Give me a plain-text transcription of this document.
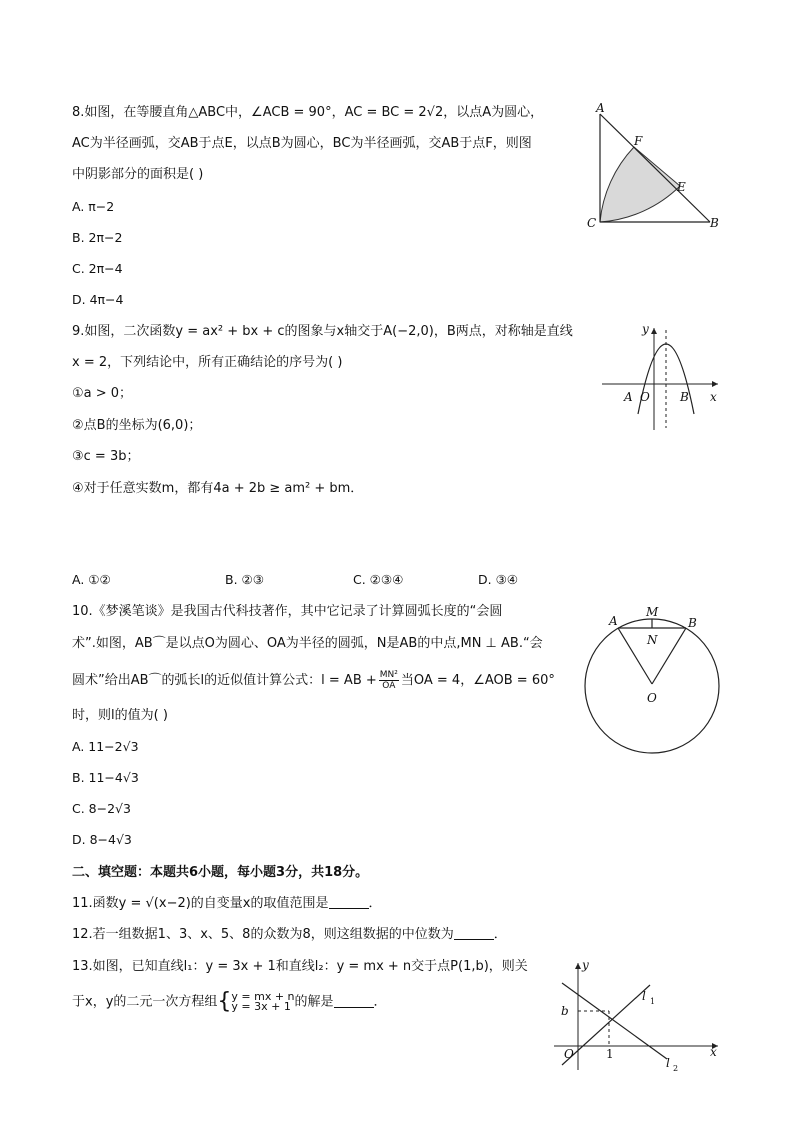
8.如图，在等腰直角△ABC中，∠ACB = 90°，AC = BC = 2√2，以点A为圆心，
AC为半径画弧，交AB于点E，以点B为圆心，BC为半径画弧，交AB于点F，则图
中阴影部分的面积是( )
A. π−2
B. 2π−2
C. 2π−4
D. 4π−4
A
F
E
C	B
9.如图，二次函数y = ax² + bx + c的图象与x轴交于A(−2,0)，B两点，对称轴是直线
x = 2，下列结论中，所有正确结论的序号为( )
①a > 0；
②点B的坐标为(6,0)；
③c = 3b；
④对于任意实数m，都有4a + 2b ≥ am² + bm．
A. ①②	B. ②③	C. ②③④	D. ③④
y
A O	B x
10.《梦溪笔谈》是我国古代科技著作，其中它记录了计算圆弧长度的“会圆
术”.如图，AB⌒是以点O为圆心、OA为半径的圆弧，N是AB的中点,MN ⊥ AB.“会
圆术”给出AB⌒的弧长l的近似值计算公式：l = AB + $\frac{\text{MN²}}{OA}$ 当OA = 4，∠AOB = 60°
时，则l的值为( )
A. 11−2√3
B. 11−4√3
C. 8−2√3
D. 8−4√3
A
M
B
N
O
二、填空题：本题共6小题，每小题3分，共18分。
11.函数y = √(x−2)的自变量x的取值范围是	．
12.若一组数据1、3、x、5、8的众数为8，则这组数据的中位数为	．
13.如图，已知直线l₁：y = 3x + 1和直线l₂：y = mx + n交于点P(1,b)，则关
于x，y的二元一次方程组{ y = mx + n
y = 3x + 1 的解是	．
y
b
O	1	x
l 1
l 2
